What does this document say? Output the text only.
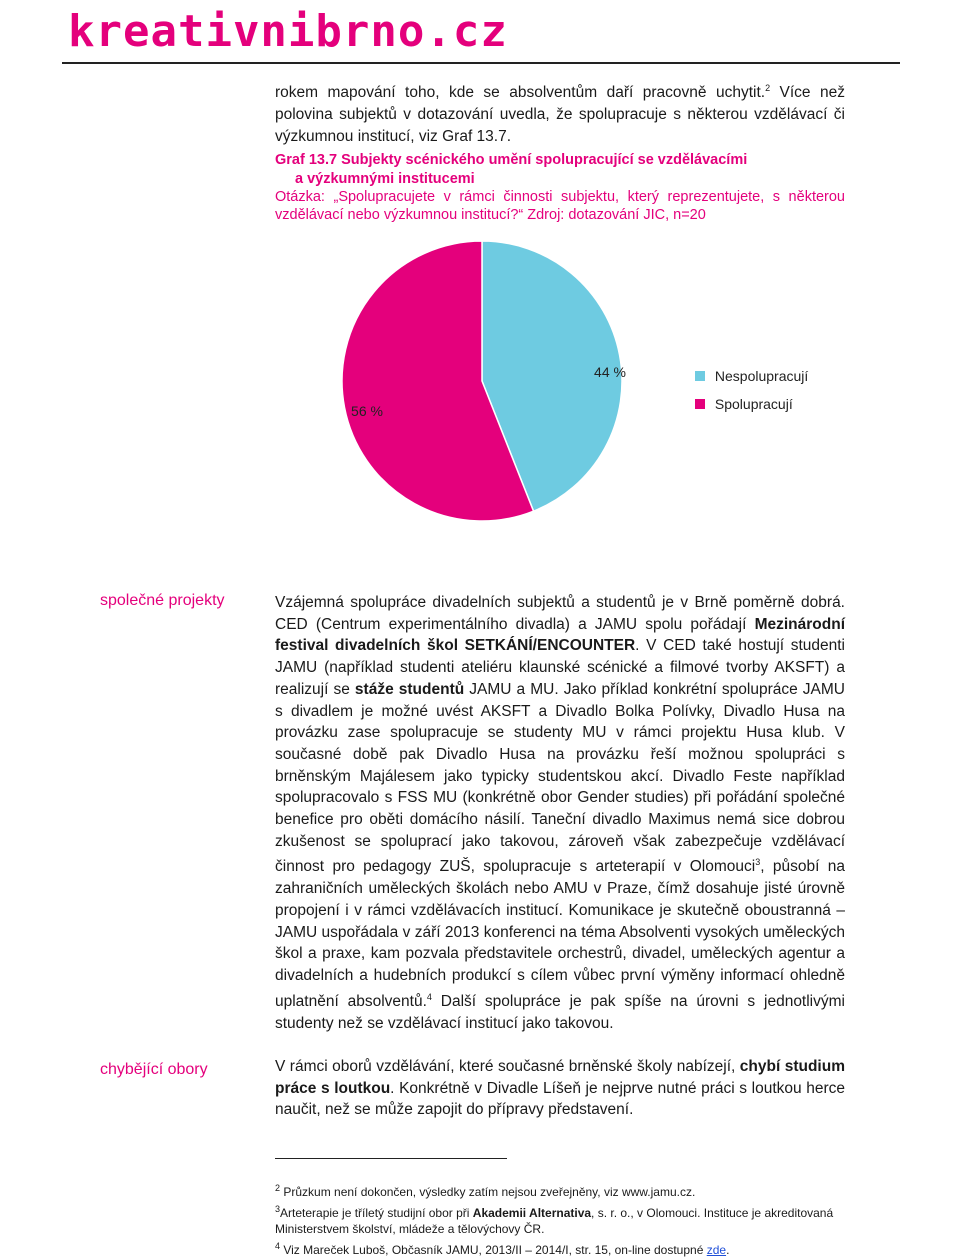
kreativnibrno.cz
rokem mapování toho, kde se absolventům daří pracovně uchytit.$^2$ Více než polovina subjektů v dotazování uvedla, že spolupracuje s některou vzdělávací či výzkumnou institucí, viz Graf 13.7.
Graf 13.7 Subjekty scénického umění spolupracující se vzdělávacími
a výzkumnými institucemi
Otázka: „Spolupracujete v rámci činnosti subjektu, který reprezentujete, s některou vzdělávací nebo výzkumnou institucí?“ Zdroj: dotazování JIC, n=20
44 %
56 %
Nespolupracují
Spolupracují
společné projekty	Vzájemná spolupráce divadelních subjektů a studentů je v Brně poměrně dobrá. CED (Centrum experimentálního divadla) a JAMU spolu pořádají Mezinárodní festival divadelních škol SETKÁNÍ/ENCOUNTER. V CED také hostují studenti JAMU (například studenti ateliéru klaunské scénické a filmové tvorby AKSFT) a realizují se stáže studentů JAMU a MU. Jako příklad konkrétní spolupráce JAMU s divadlem je možné uvést AKSFT a Divadlo Bolka Polívky, Divadlo Husa na provázku zase spolupracuje se studenty MU v rámci projektu Husa klub. V současné době pak Divadlo Husa na provázku řeší možnou spolupráci s brněnským Majálesem jako typicky studentskou akcí. Divadlo Feste například spolupracovalo s FSS MU (konkrétně obor Gender studies) při pořádání společné benefice pro oběti domácího násilí. Taneční divadlo Maximus nemá sice dobrou zkušenost se spoluprací jako takovou, zároveň však zabezpečuje vzdělávací činnost pro pedagogy ZUŠ, spolupracuje s arteterapií v Olomouci$^3$, působí na zahraničních uměleckých školách nebo AMU v Praze, čímž dosahuje jisté úrovně propojení i v rámci vzdělávacích institucí. Komunikace je skutečně oboustranná – JAMU uspořádala v září 2013 konferenci na téma Absolventi vysokých uměleckých škol a praxe, kam pozvala představitele orchestrů, divadel, uměleckých agentur a divadelních a hudebních produkcí s cílem vůbec první výměny informací ohledně uplatnění absolventů.$^4$ Další spolupráce je pak spíše na úrovni s jednotlivými studenty než se vzdělávací institucí jako takovou.
chybějící obory	V rámci oborů vzdělávání, které současné brněnské školy nabízejí, chybí studium práce s loutkou. Konkrétně v Divadle Líšeň je nejprve nutné práci s loutkou herce naučit, než se může zapojit do přípravy představení.
$^2$ Průzkum není dokončen, výsledky zatím nejsou zveřejněny, viz www.jamu.cz.
$^3$Arteterapie je tříletý studijní obor při Akademii Alternativa, s. r. o., v Olomouci. Instituce je akreditovaná Ministerstvem školství, mládeže a tělovýchovy ČR.
$^4$ Viz Mareček Luboš, Občasník JAMU, 2013/II – 2014/I, str. 15, on-line dostupné zde.
